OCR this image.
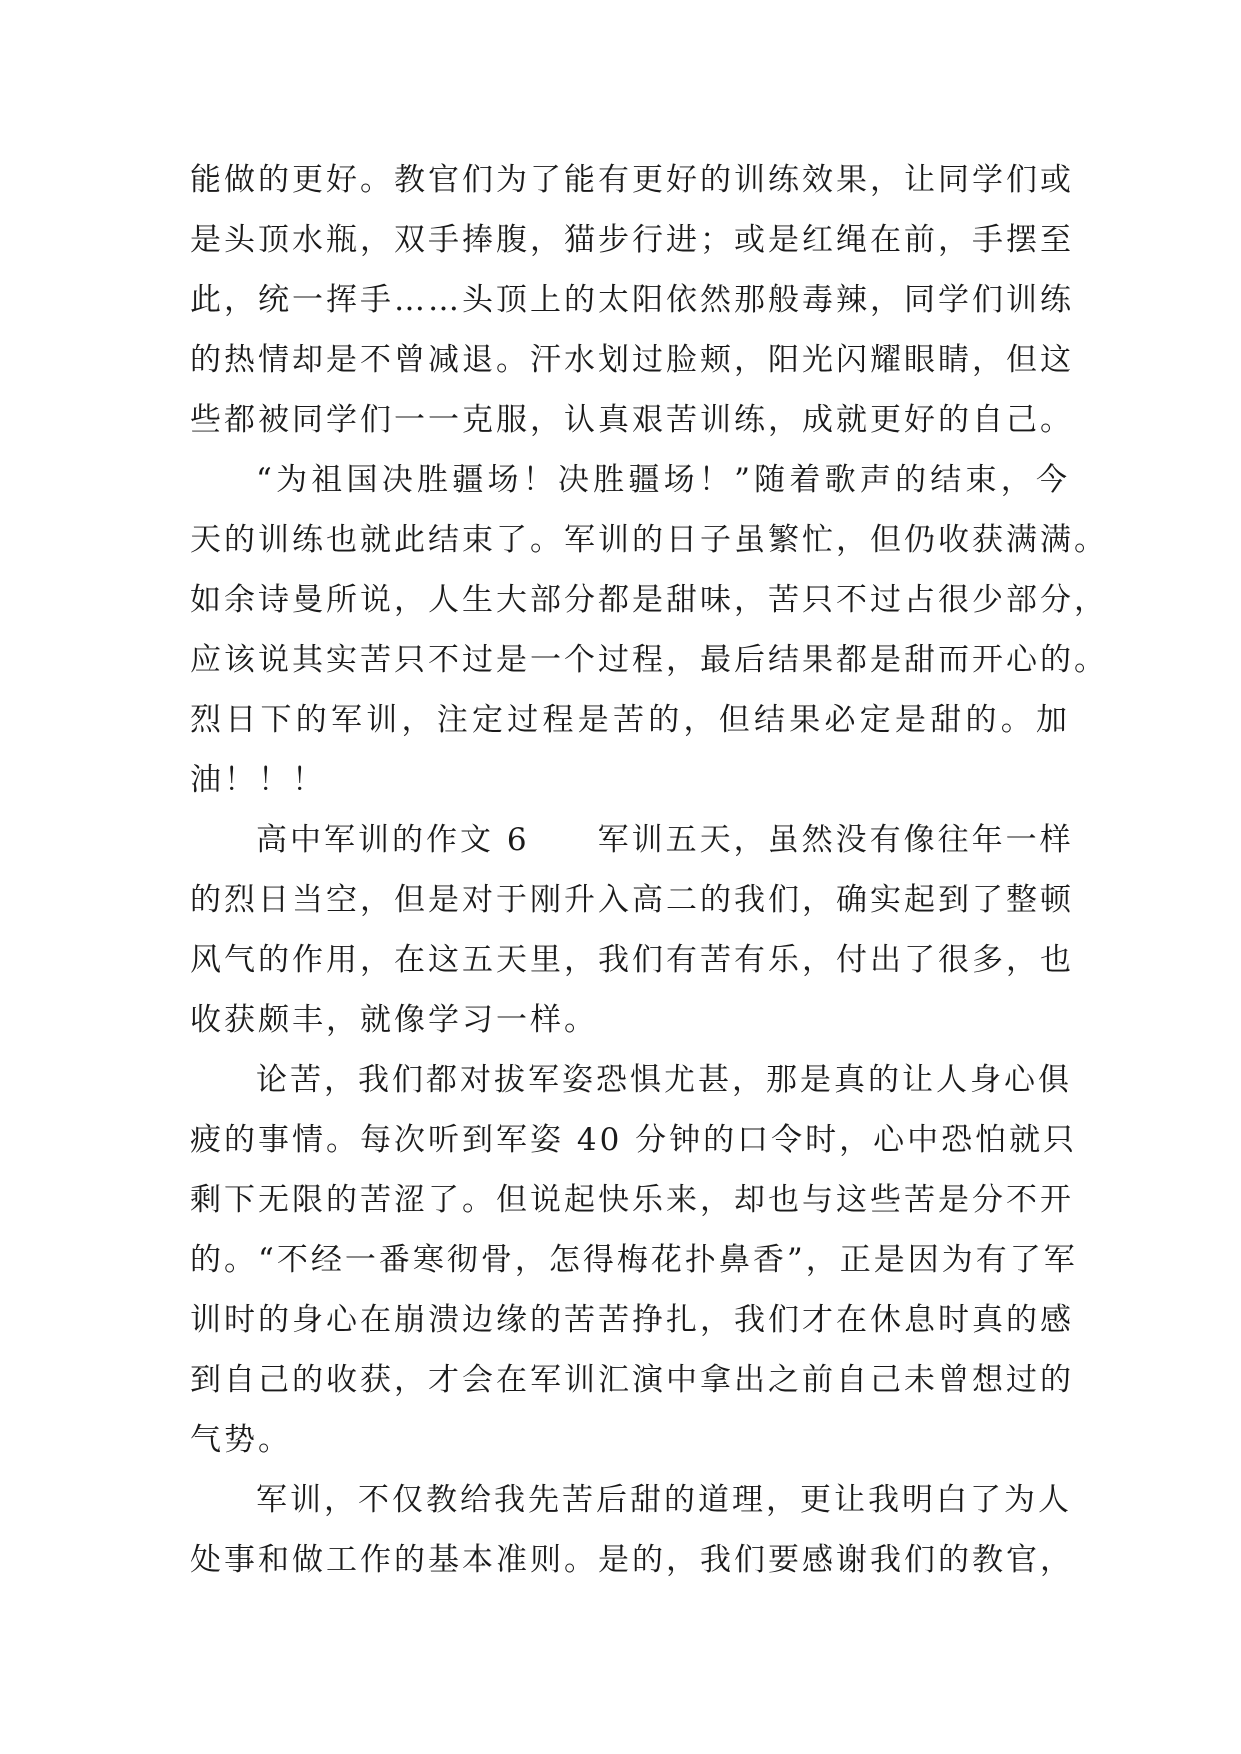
能做的更好。教官们为了能有更好的训练效果，让同学们或
是头顶水瓶，双手捧腹，猫步行进；或是红绳在前，手摆至
此，统一挥手……头顶上的太阳依然那般毒辣，同学们训练
的热情却是不曾减退。汗水划过脸颊，阳光闪耀眼睛，但这
些都被同学们一一克服，认真艰苦训练，成就更好的自己。
“为祖国决胜疆场！决胜疆场！”随着歌声的结束，今
天的训练也就此结束了。军训的日子虽繁忙，但仍收获满满。
如余诗曼所说，人生大部分都是甜味，苦只不过占很少部分，
应该说其实苦只不过是一个过程，最后结果都是甜而开心的。
烈日下的军训，注定过程是苦的，但结果必定是甜的。加
油！！！
高中军训的作文 6　　军训五天，虽然没有像往年一样
的烈日当空，但是对于刚升入高二的我们，确实起到了整顿
风气的作用，在这五天里，我们有苦有乐，付出了很多，也
收获颇丰，就像学习一样。
论苦，我们都对拔军姿恐惧尤甚，那是真的让人身心俱
疲的事情。每次听到军姿 40 分钟的口令时，心中恐怕就只
剩下无限的苦涩了。但说起快乐来，却也与这些苦是分不开
的。“不经一番寒彻骨，怎得梅花扑鼻香”，正是因为有了军
训时的身心在崩溃边缘的苦苦挣扎，我们才在休息时真的感
到自己的收获，才会在军训汇演中拿出之前自己未曾想过的
气势。
军训，不仅教给我先苦后甜的道理，更让我明白了为人
处事和做工作的基本准则。是的，我们要感谢我们的教官，
